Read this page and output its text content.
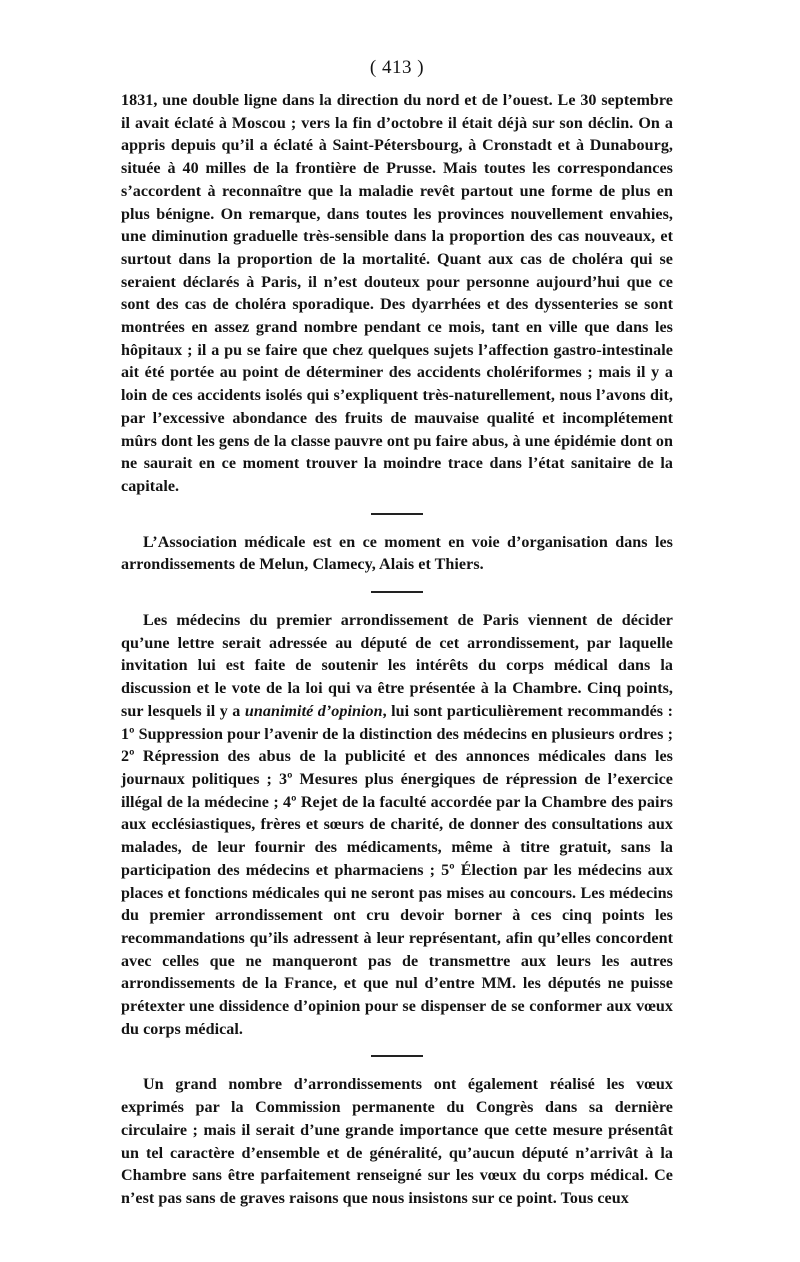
( 413 )

1831, une double ligne dans la direction du nord et de l’ouest. Le 30 septembre il avait éclaté à Moscou ; vers la fin d’octobre il était déjà sur son déclin. On a appris depuis qu’il a éclaté à Saint-Pétersbourg, à Cronstadt et à Dunabourg, située à 40 milles de la frontière de Prusse. Mais toutes les correspondances s’accordent à reconnaître que la maladie revêt partout une forme de plus en plus bénigne. On remarque, dans toutes les provinces nouvellement envahies, une diminution graduelle très-sensible dans la proportion des cas nouveaux, et surtout dans la proportion de la mortalité. Quant aux cas de choléra qui se seraient déclarés à Paris, il n’est douteux pour personne aujourd’hui que ce sont des cas de choléra sporadique. Des dyarrhées et des dyssenteries se sont montrées en assez grand nombre pendant ce mois, tant en ville que dans les hôpitaux ; il a pu se faire que chez quelques sujets l’affection gastro-intestinale ait été portée au point de déterminer des accidents cholériformes ; mais il y a loin de ces accidents isolés qui s’expliquent très-naturellement, nous l’avons dit, par l’excessive abondance des fruits de mauvaise qualité et incomplétement mûrs dont les gens de la classe pauvre ont pu faire abus, à une épidémie dont on ne saurait en ce moment trouver la moindre trace dans l’état sanitaire de la capitale.

L’Association médicale est en ce moment en voie d’organisation dans les arrondissements de Melun, Clamecy, Alais et Thiers.

Les médecins du premier arrondissement de Paris viennent de décider qu’une lettre serait adressée au député de cet arrondissement, par laquelle invitation lui est faite de soutenir les intérêts du corps médical dans la discussion et le vote de la loi qui va être présentée à la Chambre. Cinq points, sur lesquels il y a unanimité d’opinion, lui sont particulièrement recommandés : 1º Suppression pour l’avenir de la distinction des médecins en plusieurs ordres ; 2º Répression des abus de la publicité et des annonces médicales dans les journaux politiques ; 3º Mesures plus énergiques de répression de l’exercice illégal de la médecine ; 4º Rejet de la faculté accordée par la Chambre des pairs aux ecclésiastiques, frères et sœurs de charité, de donner des consultations aux malades, de leur fournir des médicaments, même à titre gratuit, sans la participation des médecins et pharmaciens ; 5º Élection par les médecins aux places et fonctions médicales qui ne seront pas mises au concours. Les médecins du premier arrondissement ont cru devoir borner à ces cinq points les recommandations qu’ils adressent à leur représentant, afin qu’elles concordent avec celles que ne manqueront pas de transmettre aux leurs les autres arrondissements de la France, et que nul d’entre MM. les députés ne puisse prétexter une dissidence d’opinion pour se dispenser de se conformer aux vœux du corps médical.

Un grand nombre d’arrondissements ont également réalisé les vœux exprimés par la Commission permanente du Congrès dans sa dernière circulaire ; mais il serait d’une grande importance que cette mesure présentât un tel caractère d’ensemble et de généralité, qu’aucun député n’arrivât à la Chambre sans être parfaitement renseigné sur les vœux du corps médical. Ce n’est pas sans de graves raisons que nous insistons sur ce point. Tous ceux
